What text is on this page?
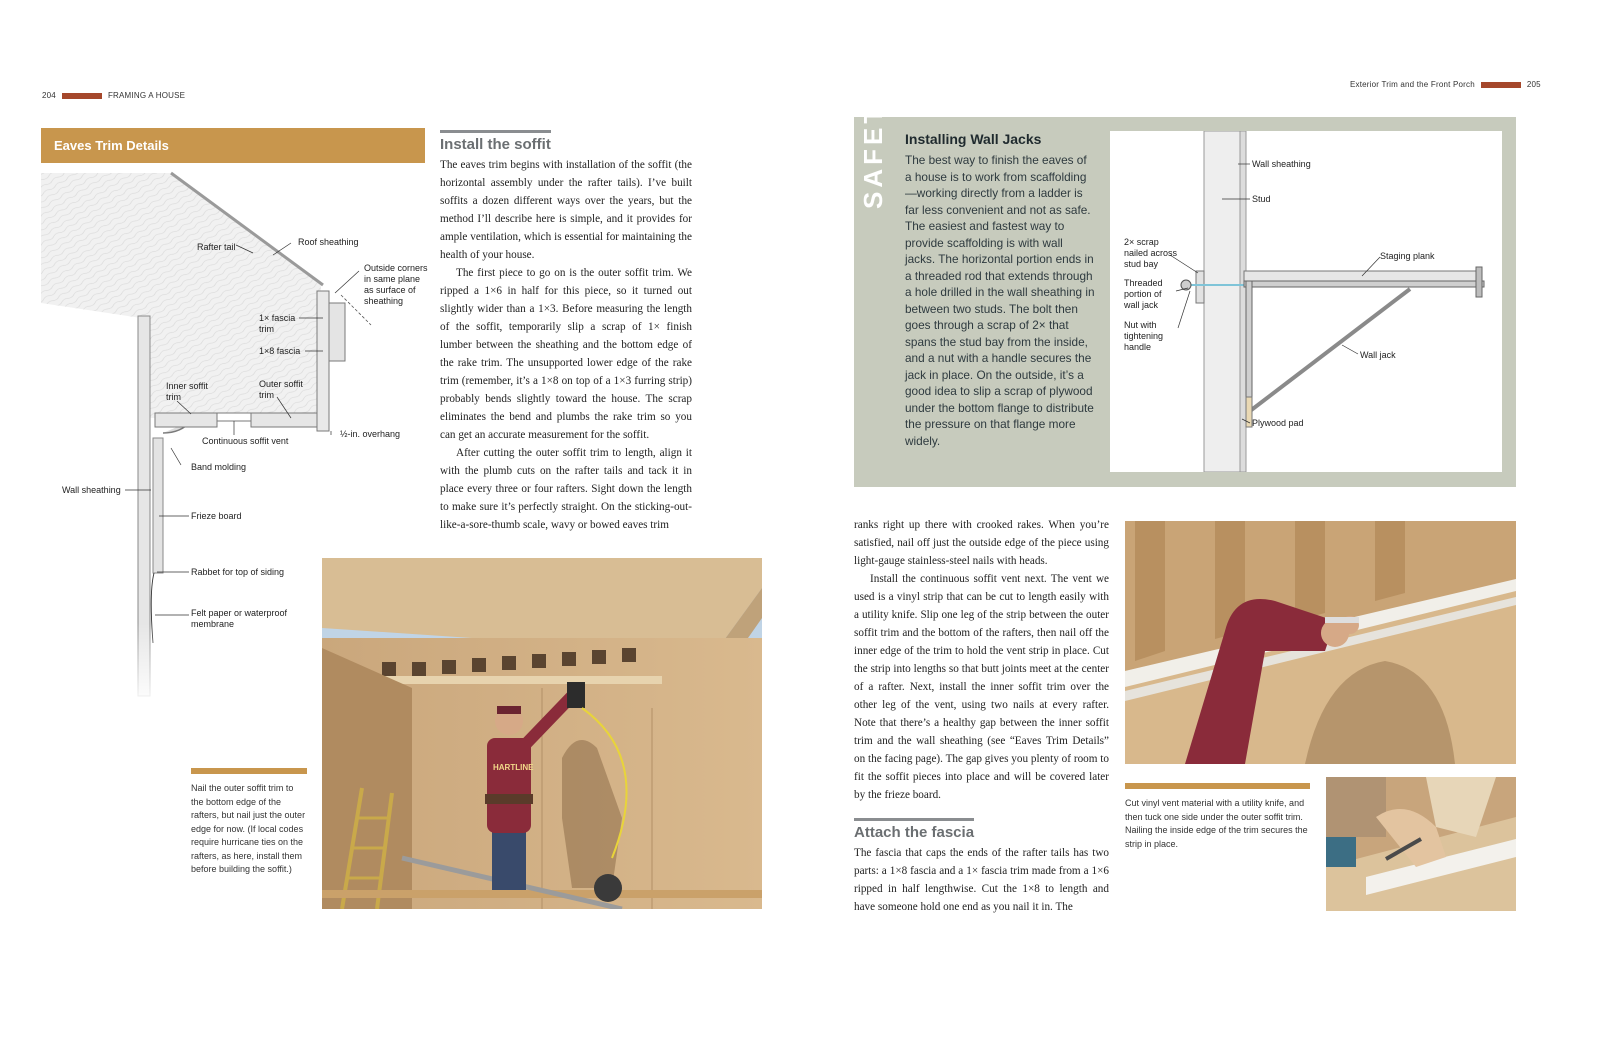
204	FRAMING A HOUSE
Eaves Trim Details
Rafter tail	Roof sheathing
Outside corners
in same plane
as surface of
sheathing
1× fascia
trim
1×8 fascia
Inner soffit
trim
Outer soffit
trim
½-in. overhang
Continuous soffit vent
Band molding
Wall sheathing
Frieze board
Rabbet for top of siding
Felt paper or waterproof
membrane
Install the soffit

The eaves trim begins with installation of the soffit (the horizontal assembly under the rafter tails). I’ve built soffits a dozen different ways over the years, but the method I’ll describe here is simple, and it provides for ample ventilation, which is essential for maintaining the health of your house.

The first piece to go on is the outer soffit trim. We ripped a 1×6 in half for this piece, so it turned out slightly wider than a 1×3. Before measuring the length of the soffit, temporarily slip a scrap of 1× finish lumber between the sheathing and the bottom edge of the rake trim. The unsupported lower edge of the rake trim (remember, it’s a 1×8 on top of a 1×3 furring strip) probably bends slightly toward the house. The scrap eliminates the bend and plumbs the rake trim so you can get an accurate measurement for the soffit.

After cutting the outer soffit trim to length, align it with the plumb cuts on the rafter tails and tack it in place every three or four rafters. Sight down the length to make sure it’s perfectly straight. On the sticking-out-like-a-sore-thumb scale, wavy or bowed eaves trim

Nail the outer soffit trim to the bottom edge of the rafters, but nail just the outer edge for now. (If local codes require hurricane ties on the rafters, as here, install them before building the soffit.)
HARTLINE
Exterior Trim and the Front Porch	205
SAFETY Installing Wall Jacks
The best way to finish the eaves of a house is to work from scaffolding—working directly from a ladder is far less convenient and not as safe. The easiest and fastest way to provide scaffolding is with wall jacks. The horizontal portion ends in a threaded rod that extends through a hole drilled in the wall sheathing in between two studs. The bolt then goes through a scrap of 2× that spans the stud bay from the inside, and a nut with a handle secures the jack in place. On the outside, it’s a good idea to slip a scrap of plywood under the bottom flange to distribute the pressure on that flange more widely.
Wall sheathing
Stud
2× scrap
nailed across
stud bay
Staging plank
Threaded
portion of
wall jack
Nut with
tightening
handle
Wall jack
Plywood pad

ranks right up there with crooked rakes. When you’re satisfied, nail off just the outside edge of the piece using light-gauge stainless-steel nails with heads.

Install the continuous soffit vent next. The vent we used is a vinyl strip that can be cut to length easily with a utility knife. Slip one leg of the strip between the outer soffit trim and the bottom of the rafters, then nail off the inner edge of the trim to hold the vent strip in place. Cut the strip into lengths so that butt joints meet at the center of a rafter. Next, install the inner soffit trim over the other leg of the vent, using two nails at every rafter. Note that there’s a healthy gap between the inner soffit trim and the wall sheathing (see “Eaves Trim Details” on the facing page). The gap gives you plenty of room to fit the soffit pieces into place and will be covered later by the frieze board.

Attach the fascia

The fascia that caps the ends of the rafter tails has two parts: a 1×8 fascia and a 1× fascia trim made from a 1×6 ripped in half lengthwise. Cut the 1×8 to length and have someone hold one end as you nail it in. The

Cut vinyl vent material with a utility knife, and then tuck one side under the outer soffit trim. Nailing the inside edge of the trim secures the strip in place.
